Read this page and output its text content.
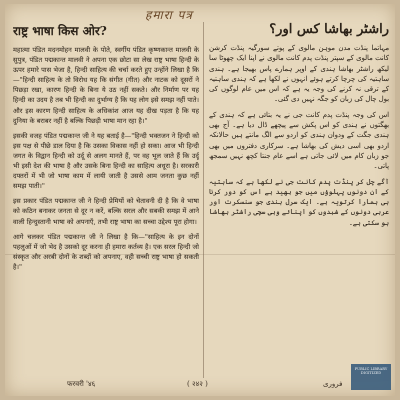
हमारा पत्र
राष्ट्र भाषा किस ओर?

महात्मा पंडित मदनमोहन मालवी के पोते, स्वर्गीय पंडित कृष्णकान्त मालवी के सुपुत्र, पंडित पद्मकान्त मालवी ने अपना एक छोटा सा लेख राष्ट्र भाषा हिन्दी के ऊपर हमारे पास भेजा है, हिन्दी साहित्य की चर्चा करते हुए उन्होंने लिखा है कि—"हिन्दी साहित्य के तो विरोध यह कि संगीत (गीत) और नाटक को दूसरों ने पिछड़ा रखा, कारण हिन्दी के बिना ये उठ नहीं सकते। और निर्माण पर यह हिन्दी का उदय है तब भी हिन्दी का दुर्भाग्य है कि यह लोग इसे समझ नहीं पाते। और इस कारण हिन्दी साहित्य के अधिकांश आज यह दीख पड़ता है कि यह दुनिया के बराबर नहीं है बल्कि पिछड़ी भाषा मान रहा है।"

इसकी वजह पंडित पद्मकान्त जी ने यह बताई है—"हिन्दी भक्तजन ने हिन्दी को इस पक्ष से पीछे डाल दिया है कि उसका विकास नहीं हो सका। आज भी हिन्दी जगत के विद्वान हिन्दी को उर्दू से अलग मानते हैं, पर वह भूल जाते हैं कि उर्दू भी इसी देश की भाषा है और उसके बिना हिन्दी का साहित्य अधूरा है। सरकारी दफ्तरों में भी जो भाषा काम में लायी जाती है उससे आम जनता कुछ नहीं समझ पाती।"

इस प्रकार पंडित पद्मकान्त जी ने हिन्दी प्रेमियों को चेतावनी दी है कि वे भाषा को कठिन बनाकर जनता से दूर न करें, बल्कि सरल और सबकी समझ में आने वाली हिन्दुस्तानी भाषा को अपनाएँ, तभी राष्ट्र भाषा का सच्चा उद्देश्य पूरा होगा।

आगे चलकर पंडित पद्मकान्त जी ने लिखा है कि—"साहित्य के इन दोनों पहलुओं में जो भेद है उसको दूर करना ही हमारा कर्तव्य है। एक सरल हिन्दी जो संस्कृत और अरबी दोनों के शब्दों को अपनाए, वही सच्ची राष्ट्र भाषा हो सकती है।"

راشٹر بھاشا کس اور؟

مہاتما پنڈت مدن موہن مالوی کے پوتے سورگیہ پنڈت کرشن کانت مالوی کے سپتر پنڈت پدم کانت مالوی نے اپنا ایک چھوٹا سا لیکھ راشٹر بھاشا ہندی کے اوپر ہمارے پاس بھیجا ہے۔ ہندی ساہتیہ کی چرچا کرتے ہوئے انہوں نے لکھا ہے کہ ہندی ساہتیہ کے ترقی نہ کرنے کی وجہ یہ ہے کہ اس میں عام لوگوں کی بول چال کی زبان کو جگہ نہیں دی گئی۔

اس کی وجہ پنڈت پدم کانت جی نے یہ بتائی ہے کہ ہندی کے بھگتوں نے ہندی کو اس پکش سے پیچھے ڈال دیا ہے۔ آج بھی ہندی جگت کے ودوان ہندی کو اردو سے الگ مانتے ہیں حالانکہ اردو بھی اسی دیش کی بھاشا ہے۔ سرکاری دفتروں میں بھی جو زبان کام میں لائی جاتی ہے اسے عام جنتا کچھ نہیں سمجھ پاتی۔

آگے چل کر پنڈت پدم کانت جی نے لکھا ہے کہ ساہتیہ کے ان دونوں پہلوؤں میں جو بھید ہے اس کو دور کرنا ہی ہمارا کرتویہ ہے۔ ایک سرل ہندی جو سنسکرت اور عربی دونوں کے شبدوں کو اپنائے وہی سچی راشٹر بھاشا ہو سکتی ہے۔

फरवरी '४६	( २४२ )	فروری
PUBLIC LIBRARY
DIGITIZED
